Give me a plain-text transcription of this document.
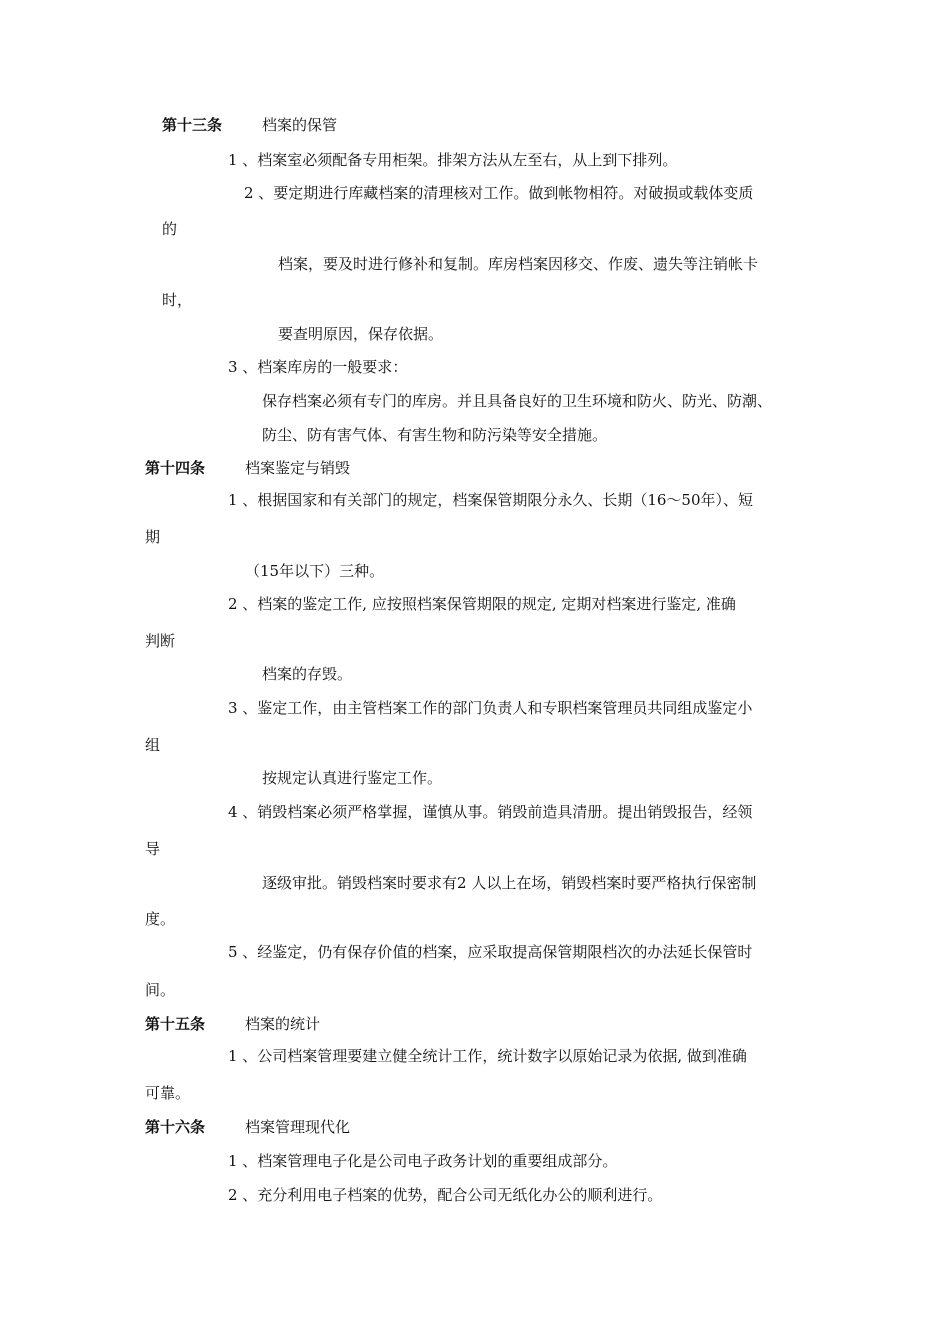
第十三条	档案的保管
1 、档案室必须配备专用柜架。排架方法从左至右，从上到下排列。
2 、要定期进行库藏档案的清理核对工作。做到帐物相符。对破损或载体变质
的
档案，要及时进行修补和复制。库房档案因移交、作废、遗失等注销帐卡
时，
要查明原因，保存依据。
3 、档案库房的一般要求：
保存档案必须有专门的库房。并且具备良好的卫生环境和防火、防光、防潮、
防尘、防有害气体、有害生物和防污染等安全措施。
第十四条	档案鉴定与销毁
1 、根据国家和有关部门的规定，档案保管期限分永久、长期（16～50年）、短
期
（15年以下）三种。
2 、档案的鉴定工作, 应按照档案保管期限的规定, 定期对档案进行鉴定, 准确
判断
档案的存毁。
3 、鉴定工作，由主管档案工作的部门负责人和专职档案管理员共同组成鉴定小
组
按规定认真进行鉴定工作。
4 、销毁档案必须严格掌握，谨慎从事。销毁前造具清册。提出销毁报告，经领
导
逐级审批。销毁档案时要求有2 人以上在场，销毁档案时要严格执行保密制
度。
5 、经鉴定，仍有保存价值的档案，应采取提高保管期限档次的办法延长保管时
间。
第十五条	档案的统计
1 、公司档案管理要建立健全统计工作，统计数字以原始记录为依据, 做到准确
可靠。
第十六条	档案管理现代化
1 、档案管理电子化是公司电子政务计划的重要组成部分。
2 、充分利用电子档案的优势，配合公司无纸化办公的顺利进行。
